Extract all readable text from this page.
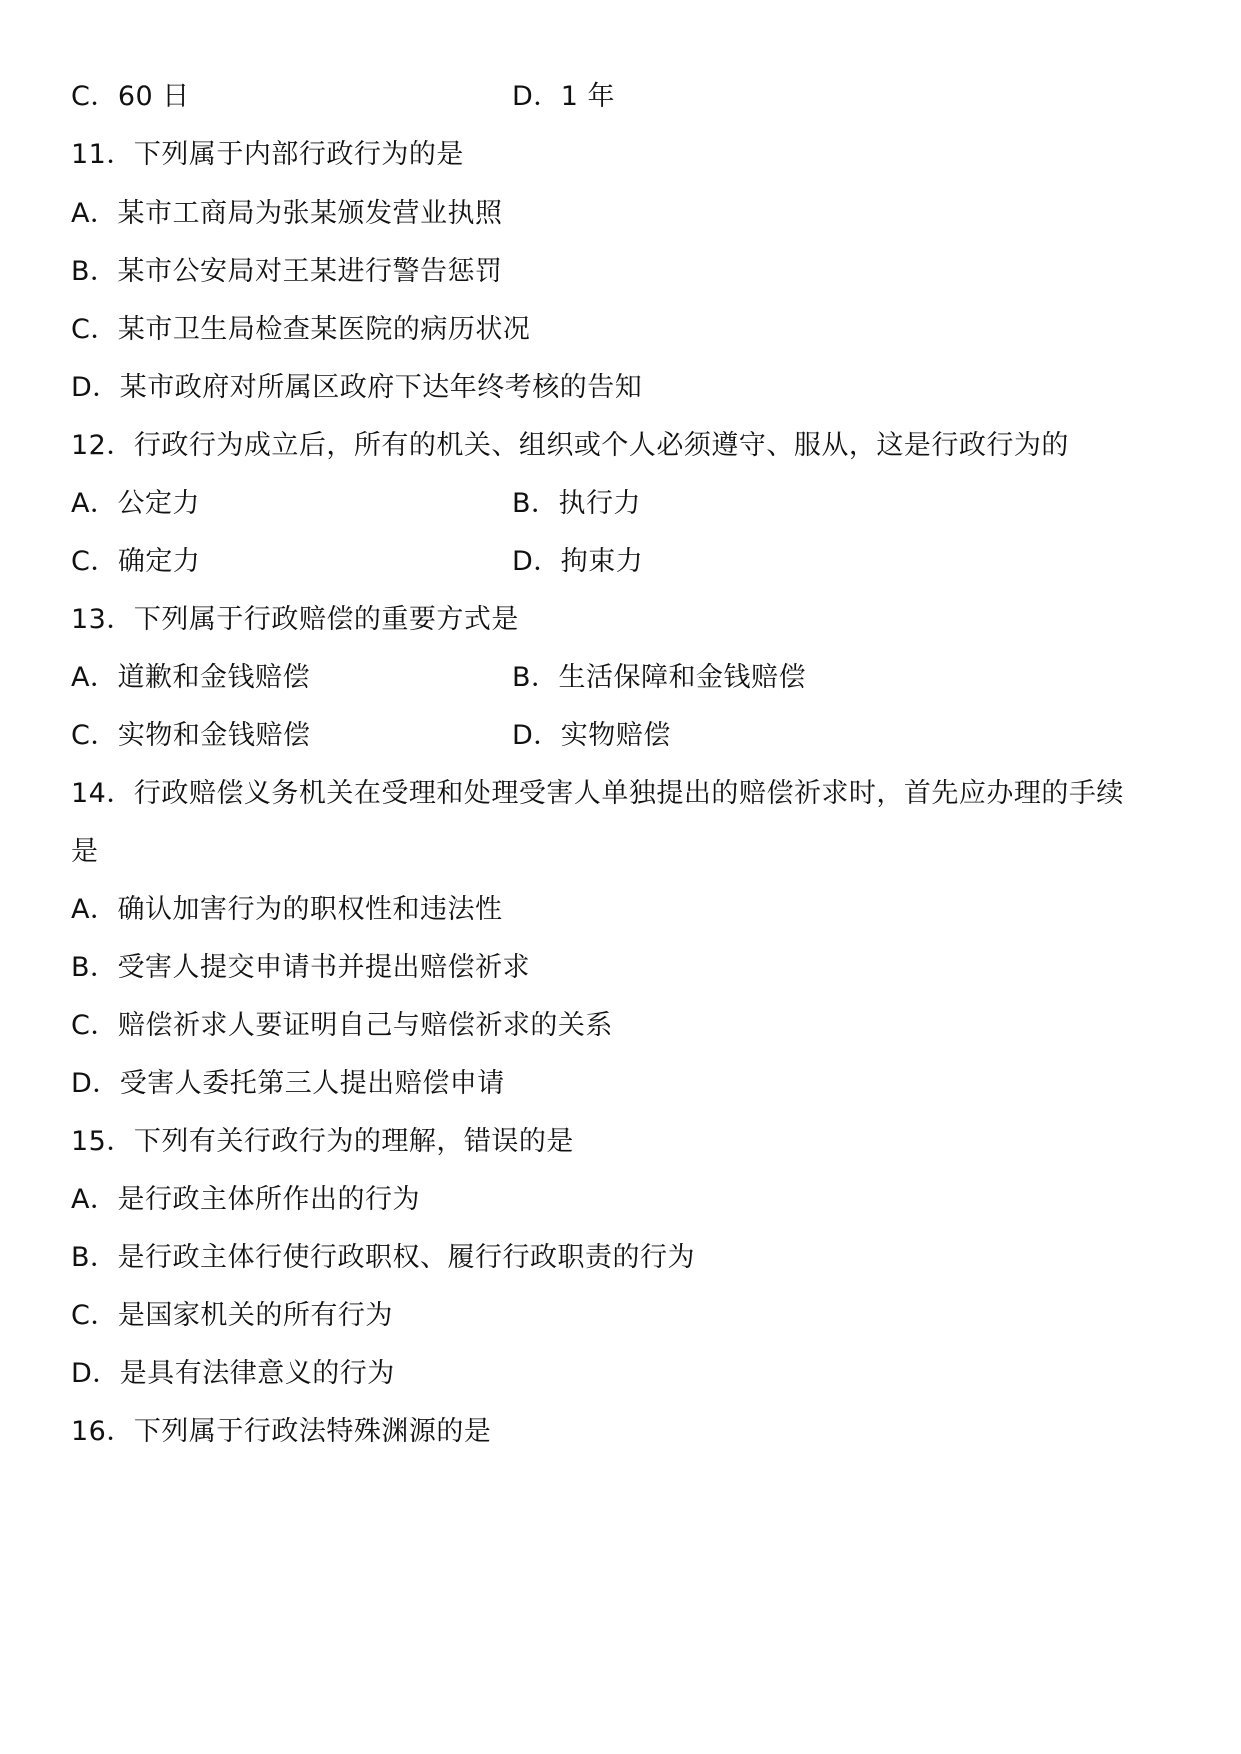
C．60 日	D．1 年
11．下列属于内部行政行为的是
A．某市工商局为张某颁发营业执照
B．某市公安局对王某进行警告惩罚
C．某市卫生局检查某医院的病历状况
D．某市政府对所属区政府下达年终考核的告知
12．行政行为成立后，所有的机关、组织或个人必须遵守、服从，这是行政行为的
A．公定力	B．执行力
C．确定力	D．拘束力
13．下列属于行政赔偿的重要方式是
A．道歉和金钱赔偿	B．生活保障和金钱赔偿
C．实物和金钱赔偿	D．实物赔偿
14．行政赔偿义务机关在受理和处理受害人单独提出的赔偿祈求时，首先应办理的手续
是
A．确认加害行为的职权性和违法性
B．受害人提交申请书并提出赔偿祈求
C．赔偿祈求人要证明自己与赔偿祈求的关系
D．受害人委托第三人提出赔偿申请
15．下列有关行政行为的理解，错误的是
A．是行政主体所作出的行为
B．是行政主体行使行政职权、履行行政职责的行为
C．是国家机关的所有行为
D．是具有法律意义的行为
16．下列属于行政法特殊渊源的是
